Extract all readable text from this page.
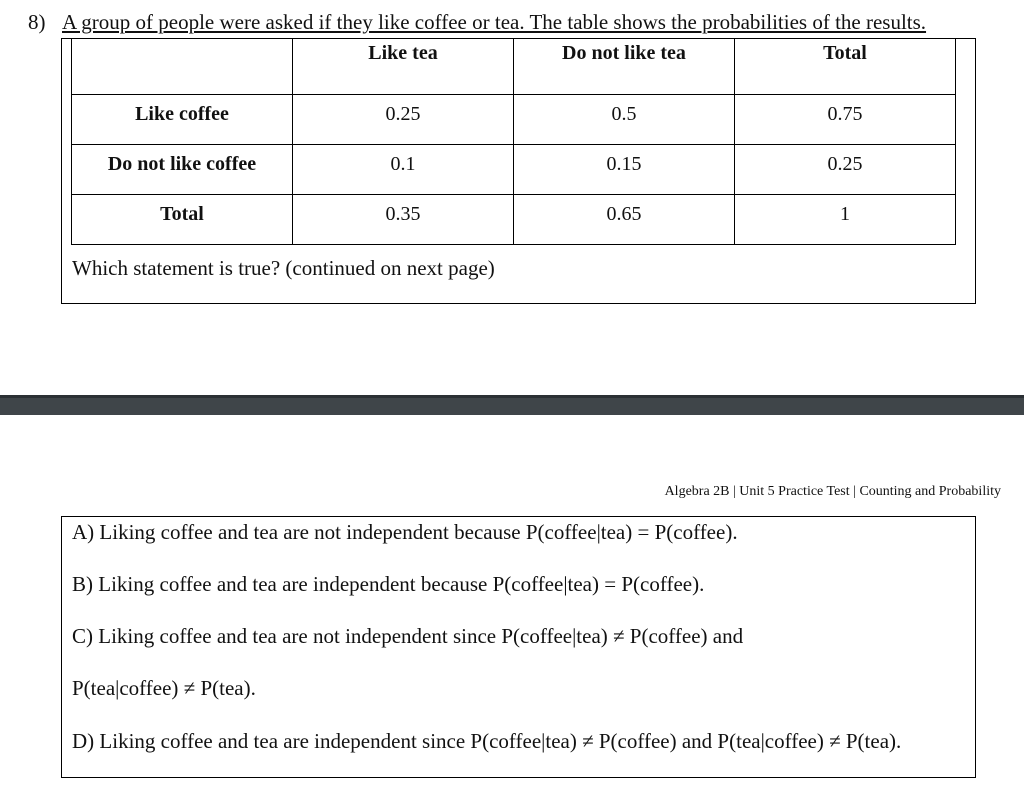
8) A group of people were asked if they like coffee or tea. The table shows the probabilities of the results.
	Like tea	Do not like tea	Total
Like coffee	0.25	0.5	0.75
Do not like coffee	0.1	0.15	0.25
Total	0.35	0.65	1
Which statement is true? (continued on next page)
Algebra 2B | Unit 5 Practice Test | Counting and Probability
A) Liking coffee and tea are not independent because P(coffee|tea) = P(coffee).
B) Liking coffee and tea are independent because P(coffee|tea) = P(coffee).
C) Liking coffee and tea are not independent since P(coffee|tea) ≠ P(coffee) and
P(tea|coffee) ≠ P(tea).
D) Liking coffee and tea are independent since P(coffee|tea) ≠ P(coffee) and P(tea|coffee) ≠ P(tea).
